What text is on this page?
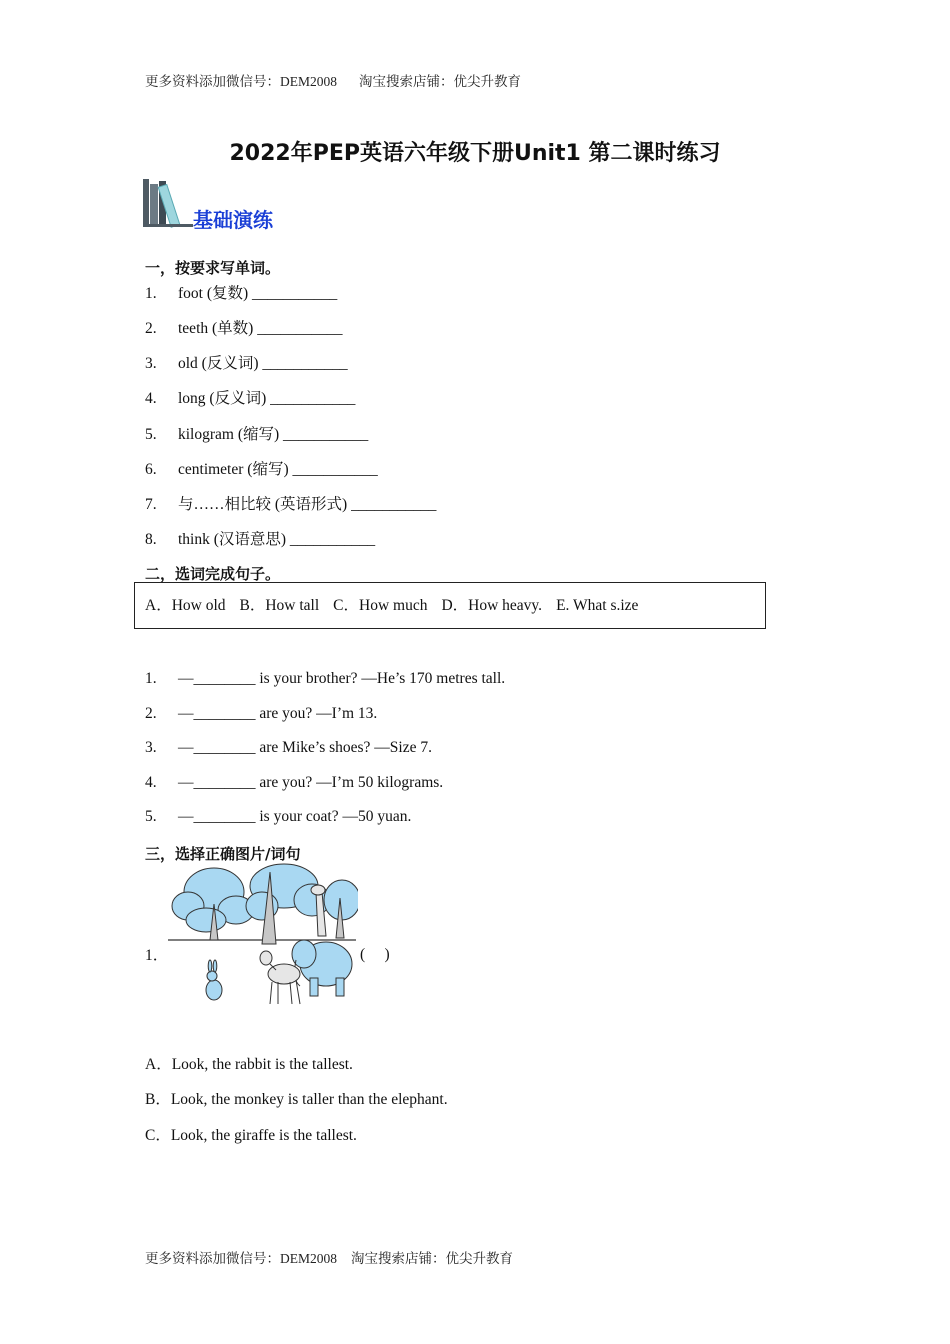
更多资料添加微信号：DEM2008 淘宝搜索店铺：优尖升教育
2022年PEP英语六年级下册Unit1 第二课时练习
基础演练
一，按要求写单词。
1. foot (复数) ___________
2. teeth (单数) ___________
3. old (反义词) ___________
4. long (反义词) ___________
5. kilogram (缩写) ___________
6. centimeter (缩写) ___________
7. 与……相比较 (英语形式) ___________
8. think (汉语意思) ___________
二，选词完成句子。
A．How old B．How tall C．How much D．How heavy. E. What s.ize
1. —________ is your brother? —He’s 170 metres tall.
2. —________ are you? —I’m 13.
3. —________ are Mike’s shoes? —Size 7.
4. —________ are you? —I’m 50 kilograms.
5. —________ is your coat? —50 yuan.
三，选择正确图片/词句
1．	(　 )
A．Look, the rabbit is the tallest.
B．Look, the monkey is taller than the elephant.
C．Look, the giraffe is the tallest.
更多资料添加微信号：DEM2008 淘宝搜索店铺：优尖升教育
